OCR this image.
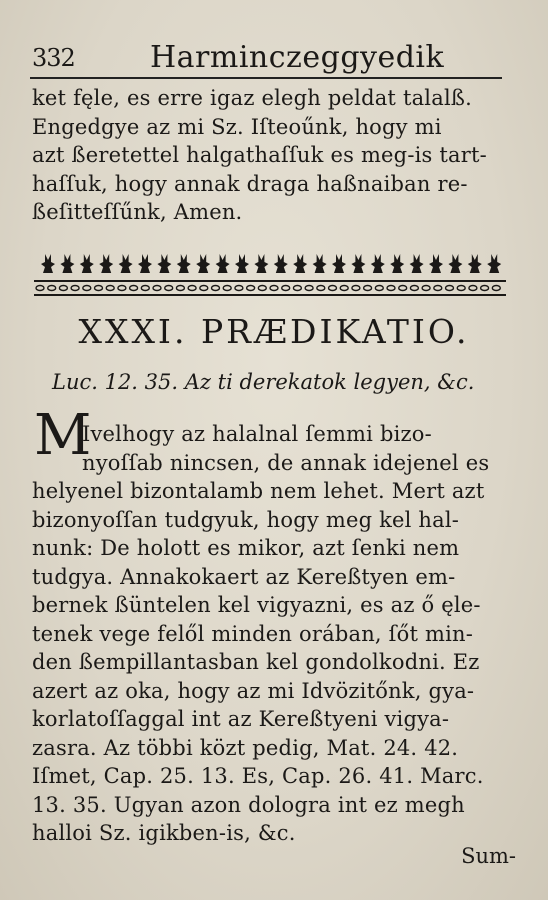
332	Harminczeggyedik
ket fęle, es erre igaz elegh peldat talalß.
Engedgye az mi Sz. Iſteoűnk, hogy mi
azt ßeretettel halgathaſſuk es meg-is tart-
haſſuk, hogy annak draga haßnaiban re-
ßeſitteſſűnk, Amen.
XXXI. PRÆDIKATIO.
Luc. 12. 35. Az ti derekatok legyen, &c.
M
Ivelhogy az halalnal ſemmi bizo-
nyoſſab nincsen, de annak idejenel es
helyenel bizontalamb nem lehet. Mert azt
bizonyoſſan tudgyuk, hogy meg kel hal-
nunk: De holott es mikor, azt ſenki nem
tudgya. Annakokaert az Kereßtyen em-
bernek ßüntelen kel vigyazni, es az ő ęle-
tenek vege felől minden orában, ſőt min-
den ßempillantasban kel gondolkodni. Ez
azert az oka, hogy az mi Idvözitőnk, gya-
korlatoſſaggal int az Kereßtyeni vigya-
zasra. Az többi közt pedig, Mat. 24. 42.
Iſmet, Cap. 25. 13. Es, Cap. 26. 41. Marc.
13. 35. Ugyan azon dologra int ez megh
halloi Sz. igikben-is, &c.
Sum-
